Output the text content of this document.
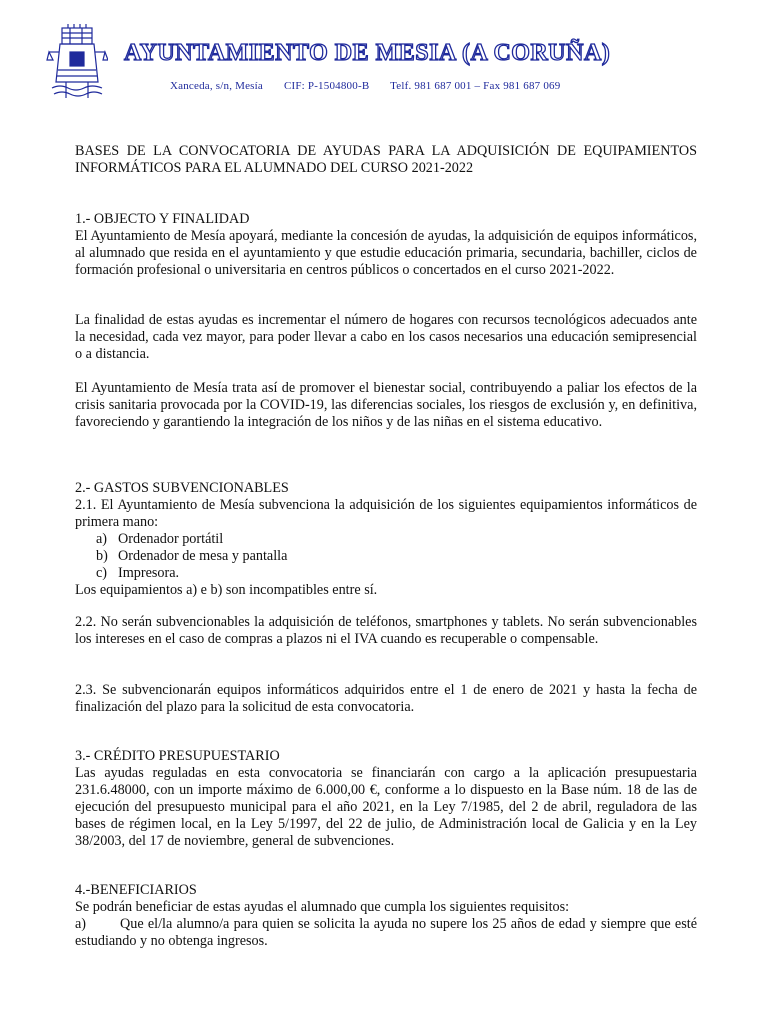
AYUNTAMIENTO DE MESIA (A CORUÑA)
Xanceda, s/n, Mesía CIF: P-1504800-B Telf. 981 687 001 – Fax 981 687 069
BASES DE LA CONVOCATORIA DE AYUDAS PARA LA ADQUISICIÓN DE EQUIPAMIENTOS INFORMÁTICOS PARA EL ALUMNADO DEL CURSO 2021-2022
1.- OBJECTO Y FINALIDAD

El Ayuntamiento de Mesía apoyará, mediante la concesión de ayudas, la adquisición de equipos informáticos, al alumnado que resida en el ayuntamiento y que estudie educación primaria, secundaria, bachiller, ciclos de formación profesional o universitaria en centros públicos o concertados en el curso 2021-2022.

La finalidad de estas ayudas es incrementar el número de hogares con recursos tecnológicos adecuados ante la necesidad, cada vez mayor, para poder llevar a cabo en los casos necesarios una educación semipresencial o a distancia.

El Ayuntamiento de Mesía trata así de promover el bienestar social, contribuyendo a paliar los efectos de la crisis sanitaria provocada por la COVID-19, las diferencias sociales, los riesgos de exclusión y, en definitiva, favoreciendo y garantiendo la integración de los niños y de las niñas en el sistema educativo.

2.- GASTOS SUBVENCIONABLES

2.1. El Ayuntamiento de Mesía subvenciona la adquisición de los siguientes equipamientos informáticos de primera mano:

a) Ordenador portátil
b) Ordenador de mesa y pantalla
c) Impresora.

Los equipamientos a) e b) son incompatibles entre sí.

2.2. No serán subvencionables la adquisición de teléfonos, smartphones y tablets. No serán subvencionables los intereses en el caso de compras a plazos ni el IVA cuando es recuperable o compensable.

2.3. Se subvencionarán equipos informáticos adquiridos entre el 1 de enero de 2021 y hasta la fecha de finalización del plazo para la solicitud de esta convocatoria.

3.- CRÉDITO PRESUPUESTARIO

Las ayudas reguladas en esta convocatoria se financiarán con cargo a la aplicación presupuestaria 231.6.48000, con un importe máximo de 6.000,00 €, conforme a lo dispuesto en la Base núm. 18 de las de ejecución del presupuesto municipal para el año 2021, en la Ley 7/1985, del 2 de abril, reguladora de las bases de régimen local, en la Ley 5/1997, del 22 de julio, de Administración local de Galicia y en la Ley 38/2003, del 17 de noviembre, general de subvenciones.

4.-BENEFICIARIOS

Se podrán beneficiar de estas ayudas el alumnado que cumpla los siguientes requisitos:

a) Que el/la alumno/a para quien se solicita la ayuda no supere los 25 años de edad y siempre que esté estudiando y no obtenga ingresos.
